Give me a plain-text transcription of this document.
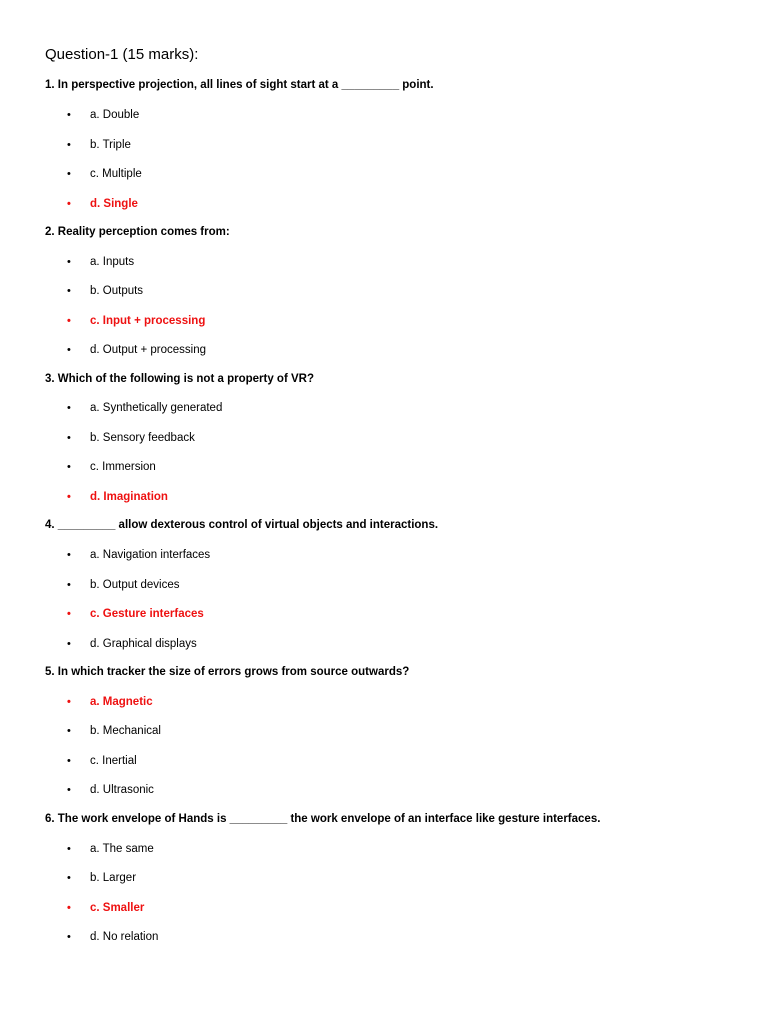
Question-1 (15 marks):
1. In perspective projection, all lines of sight start at a _________ point.
•	a. Double
•	b. Triple
•	c. Multiple
•	d. Single
2. Reality perception comes from:
•	a. Inputs
•	b. Outputs
•	c. Input + processing
•	d. Output + processing
3. Which of the following is not a property of VR?
•	a. Synthetically generated
•	b. Sensory feedback
•	c. Immersion
•	d. Imagination
4. _________ allow dexterous control of virtual objects and interactions.
•	a. Navigation interfaces
•	b. Output devices
•	c. Gesture interfaces
•	d. Graphical displays
5. In which tracker the size of errors grows from source outwards?
•	a. Magnetic
•	b. Mechanical
•	c. Inertial
•	d. Ultrasonic
6. The work envelope of Hands is _________ the work envelope of an interface like gesture interfaces.
•	a. The same
•	b. Larger
•	c. Smaller
•	d. No relation
